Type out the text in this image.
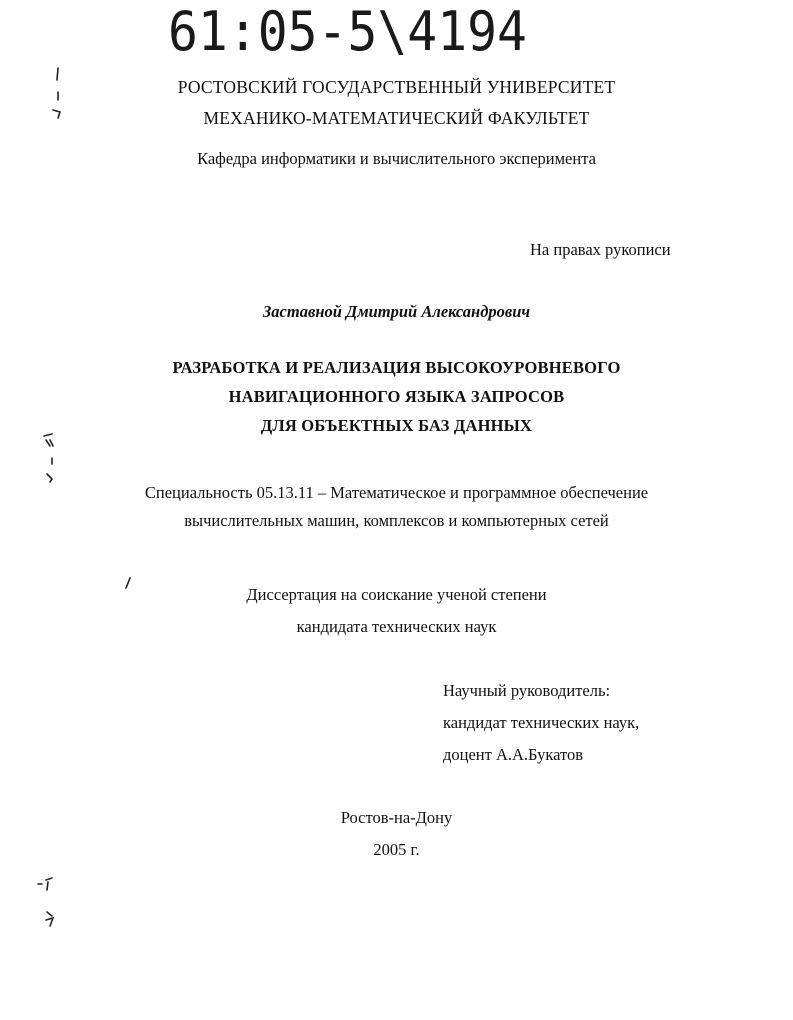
61:05-5\4194
РОСТОВСКИЙ ГОСУДАРСТВЕННЫЙ УНИВЕРСИТЕТ
МЕХАНИКО-МАТЕМАТИЧЕСКИЙ ФАКУЛЬТЕТ
Кафедра информатики и вычислительного эксперимента
На правах рукописи
Заставной Дмитрий Александрович
РАЗРАБОТКА И РЕАЛИЗАЦИЯ ВЫСОКОУРОВНЕВОГО
НАВИГАЦИОННОГО ЯЗЫКА ЗАПРОСОВ
ДЛЯ ОБЪЕКТНЫХ БАЗ ДАННЫХ
Специальность 05.13.11 – Математическое и программное обеспечение
вычислительных машин, комплексов и компьютерных сетей
Диссертация на соискание ученой степени
кандидата технических наук
Научный руководитель:
кандидат технических наук,
доцент А.А.Букатов
Ростов-на-Дону
2005 г.
